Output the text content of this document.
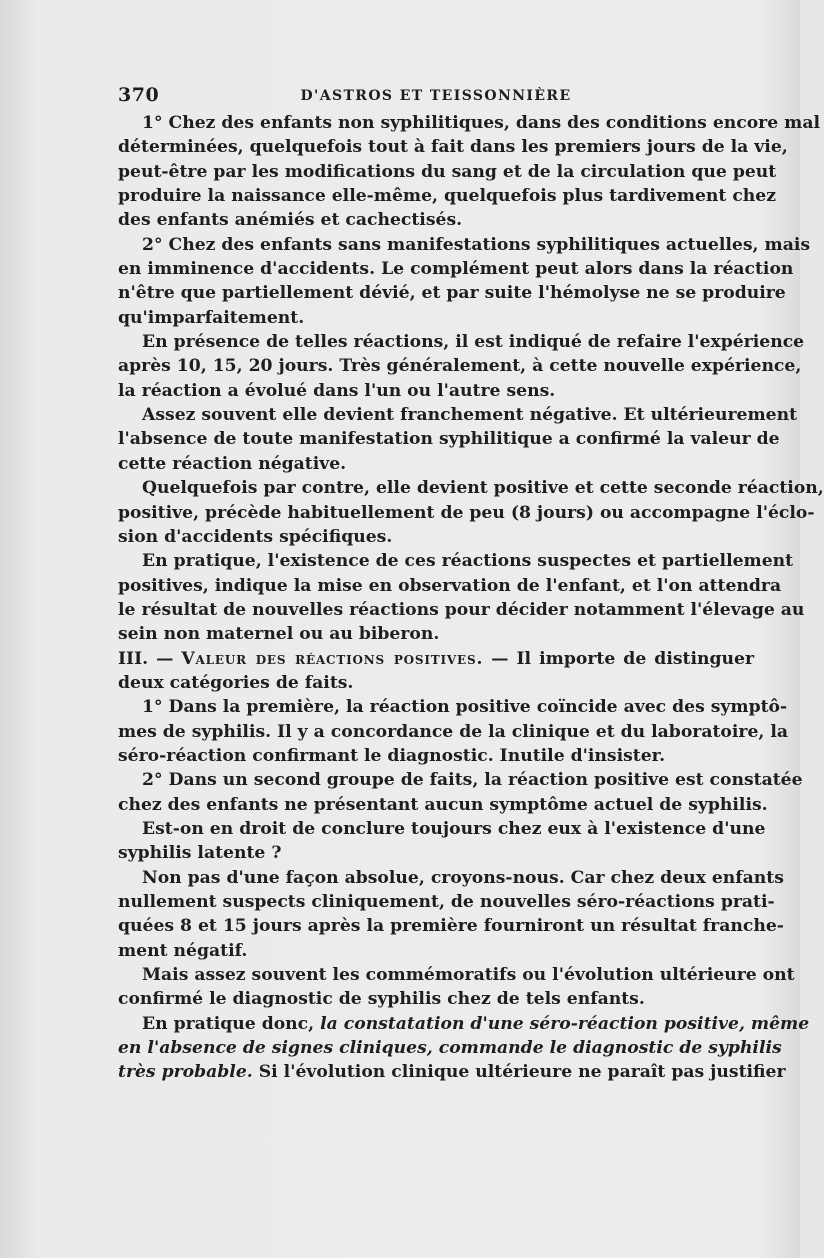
370	D'ASTROS ET TEISSONNIÈRE
1° Chez des enfants non syphilitiques, dans des conditions encore mal
déterminées, quelquefois tout à fait dans les premiers jours de la vie,
peut-être par les modifications du sang et de la circulation que peut
produire la naissance elle-même, quelquefois plus tardivement chez
des enfants anémiés et cachectisés.
2° Chez des enfants sans manifestations syphilitiques actuelles, mais
en imminence d'accidents. Le complément peut alors dans la réaction
n'être que partiellement dévié, et par suite l'hémolyse ne se produire
qu'imparfaitement.
En présence de telles réactions, il est indiqué de refaire l'expérience
après 10, 15, 20 jours. Très généralement, à cette nouvelle expérience,
la réaction a évolué dans l'un ou l'autre sens.
Assez souvent elle devient franchement négative. Et ultérieurement
l'absence de toute manifestation syphilitique a confirmé la valeur de
cette réaction négative.
Quelquefois par contre, elle devient positive et cette seconde réaction,
positive, précède habituellement de peu (8 jours) ou accompagne l'éclo-
sion d'accidents spécifiques.
En pratique, l'existence de ces réactions suspectes et partiellement
positives, indique la mise en observation de l'enfant, et l'on attendra
le résultat de nouvelles réactions pour décider notamment l'élevage au
sein non maternel ou au biberon.
III. — Valeur des réactions positives. — Il importe de distinguer
deux catégories de faits.
1° Dans la première, la réaction positive coïncide avec des symptô-
mes de syphilis. Il y a concordance de la clinique et du laboratoire, la
séro-réaction confirmant le diagnostic. Inutile d'insister.
2° Dans un second groupe de faits, la réaction positive est constatée
chez des enfants ne présentant aucun symptôme actuel de syphilis.
Est-on en droit de conclure toujours chez eux à l'existence d'une
syphilis latente ?
Non pas d'une façon absolue, croyons-nous. Car chez deux enfants
nullement suspects cliniquement, de nouvelles séro-réactions prati-
quées 8 et 15 jours après la première fourniront un résultat franche-
ment négatif.
Mais assez souvent les commémoratifs ou l'évolution ultérieure ont
confirmé le diagnostic de syphilis chez de tels enfants.
En pratique donc, la constatation d'une séro-réaction positive, même
en l'absence de signes cliniques, commande le diagnostic de syphilis
très probable. Si l'évolution clinique ultérieure ne paraît pas justifier
